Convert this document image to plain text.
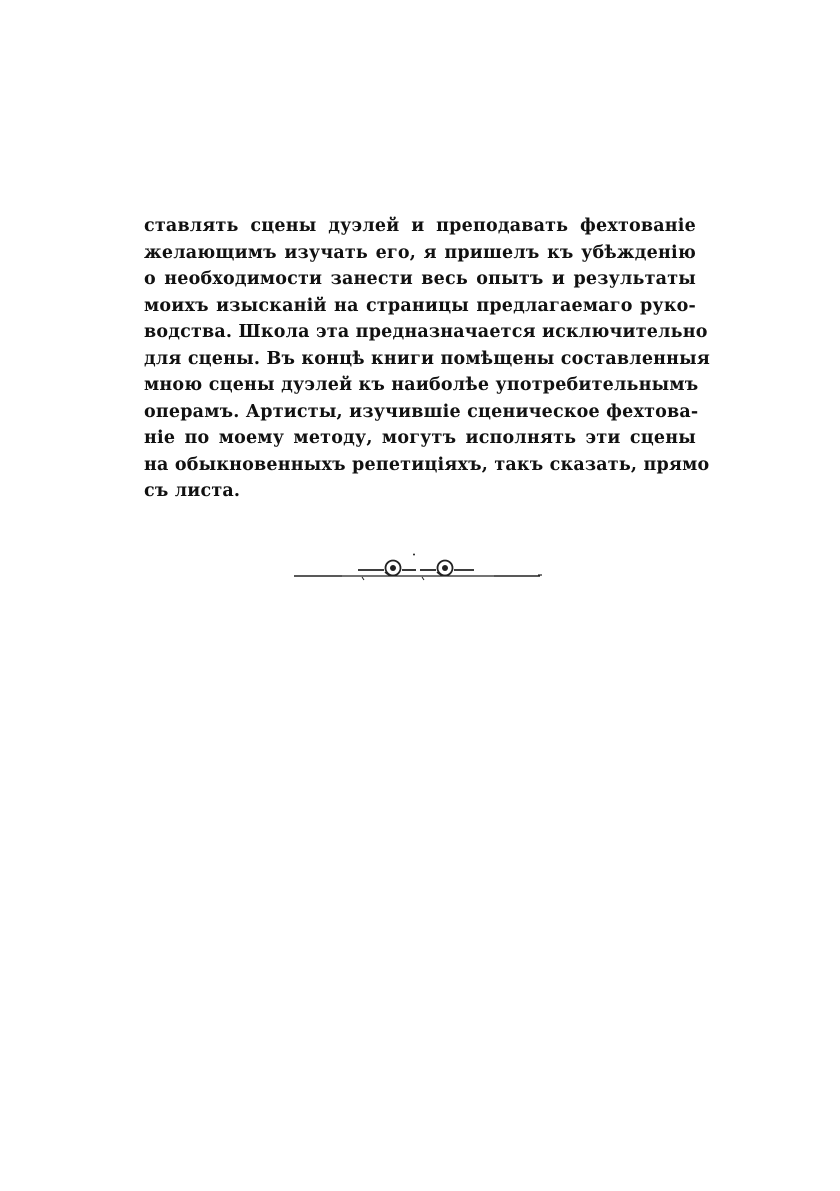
ставлять сцены дуэлей и преподавать фехтованіе
желающимъ изучать его, я пришелъ къ убѣжденію
о необходимости занести весь опытъ и результаты
моихъ изысканій на страницы предлагаемаго руко-
водства. Школа эта предназначается исключительно
для сцены. Въ концѣ книги помѣщены составленныя
мною сцены дуэлей къ наиболѣе употребительнымъ
операмъ. Артисты, изучившіе сценическое фехтова-
ніе по моему методу, могутъ исполнять эти сцены
на обыкновенныхъ репетиціяхъ, такъ сказать, прямо
съ листа.
